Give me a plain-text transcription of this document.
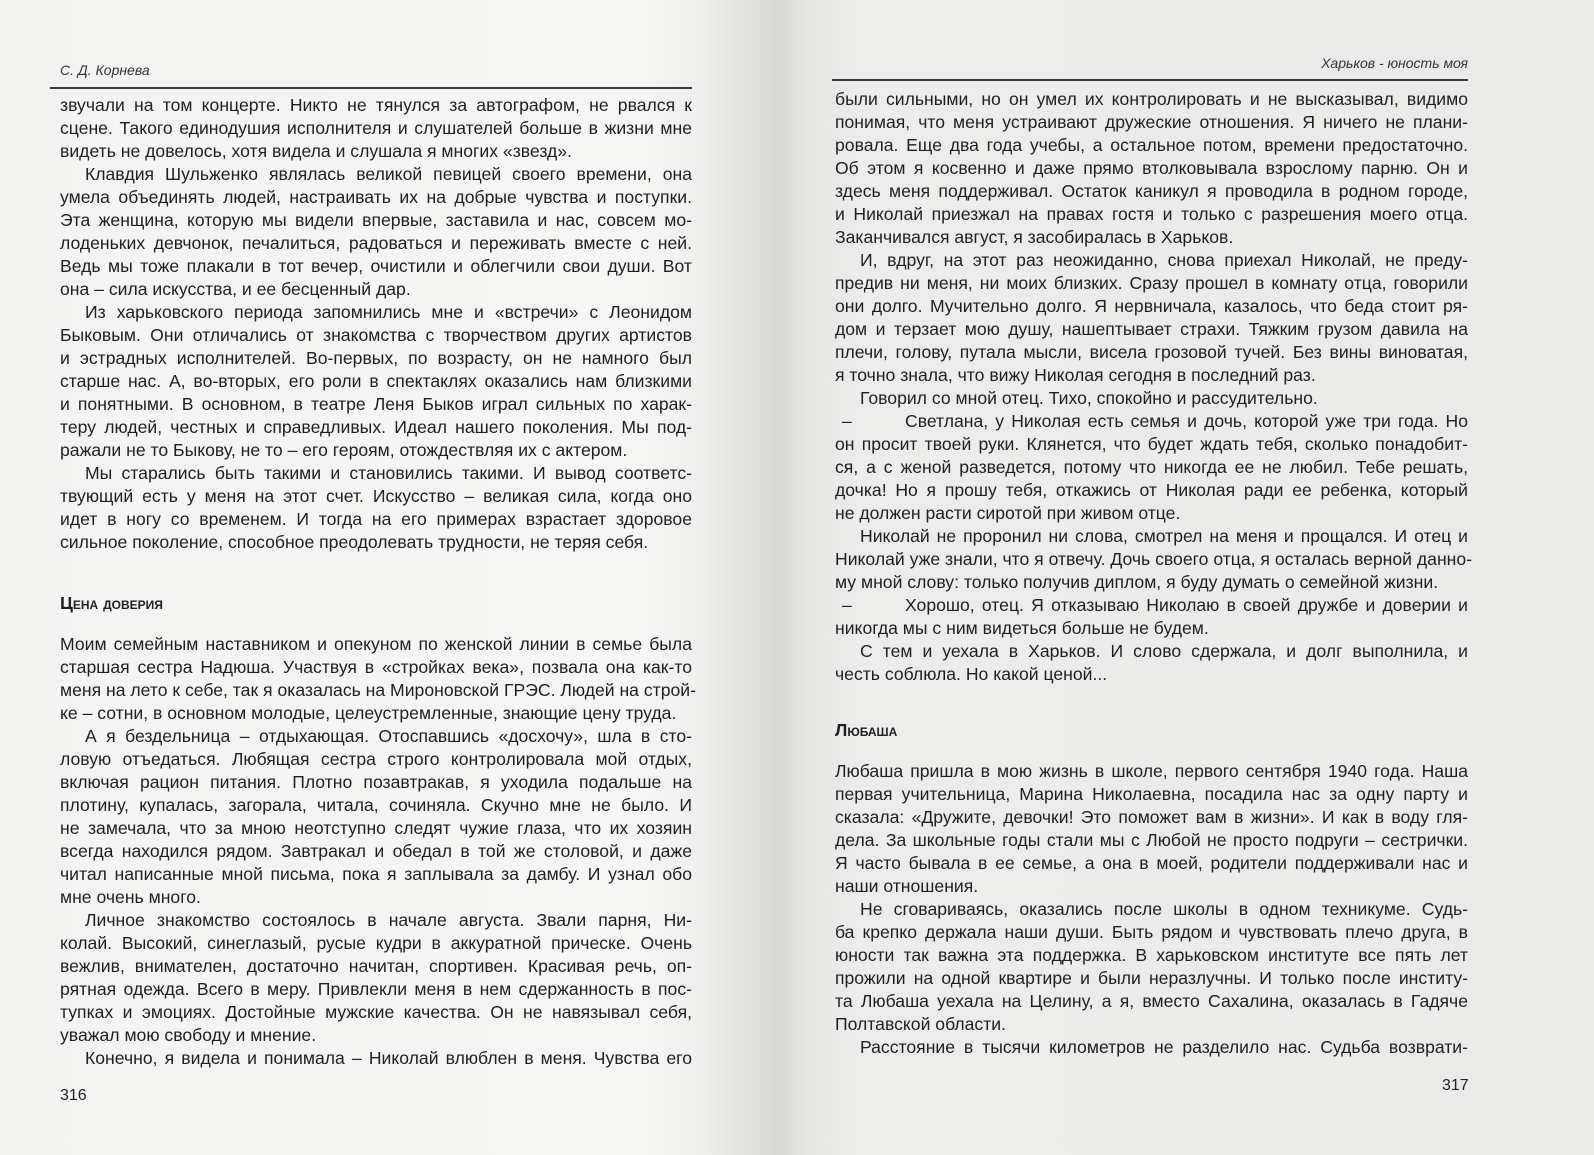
С. Д. Корнева
звучали на том концерте. Никто не тянулся за автографом, не рвался к
сцене. Такого единодушия исполнителя и слушателей больше в жизни мне
видеть не довелось, хотя видела и слушала я многих «звезд».
Клавдия Шульженко являлась великой певицей своего времени, она
умела объединять людей, настраивать их на добрые чувства и поступки.
Эта женщина, которую мы видели впервые, заставила и нас, совсем мо-
лоденьких девчонок, печалиться, радоваться и переживать вместе с ней.
Ведь мы тоже плакали в тот вечер, очистили и облегчили свои души. Вот
она – сила искусства, и ее бесценный дар.
Из харьковского периода запомнились мне и «встречи» с Леонидом
Быковым. Они отличались от знакомства с творчеством других артистов
и эстрадных исполнителей. Во-первых, по возрасту, он не намного был
старше нас. А, во-вторых, его роли в спектаклях оказались нам близкими
и понятными. В основном, в театре Леня Быков играл сильных по харак-
теру людей, честных и справедливых. Идеал нашего поколения. Мы под-
ражали не то Быкову, не то – его героям, отождествляя их с актером.
Мы старались быть такими и становились такими. И вывод соответс-
твующий есть у меня на этот счет. Искусство – великая сила, когда оно
идет в ногу со временем. И тогда на его примерах взрастает здоровое
сильное поколение, способное преодолевать трудности, не теряя себя.
Цена доверия
Моим семейным наставником и опекуном по женской линии в семье была
старшая сестра Надюша. Участвуя в «стройках века», позвала она как-то
меня на лето к себе, так я оказалась на Мироновской ГРЭС. Людей на строй-
ке – сотни, в основном молодые, целеустремленные, знающие цену труда.
А я бездельница – отдыхающая. Отоспавшись «досхочу», шла в сто-
ловую отъедаться. Любящая сестра строго контролировала мой отдых,
включая рацион питания. Плотно позавтракав, я уходила подальше на
плотину, купалась, загорала, читала, сочиняла. Скучно мне не было. И
не замечала, что за мною неотступно следят чужие глаза, что их хозяин
всегда находился рядом. Завтракал и обедал в той же столовой, и даже
читал написанные мной письма, пока я заплывала за дамбу. И узнал обо
мне очень много.
Личное знакомство состоялось в начале августа. Звали парня, Ни-
колай. Высокий, синеглазый, русые кудри в аккуратной прическе. Очень
вежлив, внимателен, достаточно начитан, спортивен. Красивая речь, оп-
рятная одежда. Всего в меру. Привлекли меня в нем сдержанность в пос-
тупках и эмоциях. Достойные мужские качества. Он не навязывал себя,
уважал мою свободу и мнение.
Конечно, я видела и понимала – Николай влюблен в меня. Чувства его
316
Харьков - юность моя
были сильными, но он умел их контролировать и не высказывал, видимо
понимая, что меня устраивают дружеские отношения. Я ничего не плани-
ровала. Еще два года учебы, а остальное потом, времени предостаточно.
Об этом я косвенно и даже прямо втолковывала взрослому парню. Он и
здесь меня поддерживал. Остаток каникул я проводила в родном городе,
и Николай приезжал на правах гостя и только с разрешения моего отца.
Заканчивался август, я засобиралась в Харьков.
И, вдруг, на этот раз неожиданно, снова приехал Николай, не преду-
предив ни меня, ни моих близких. Сразу прошел в комнату отца, говорили
они долго. Мучительно долго. Я нервничала, казалось, что беда стоит ря-
дом и терзает мою душу, нашептывает страхи. Тяжким грузом давила на
плечи, голову, путала мысли, висела грозовой тучей. Без вины виноватая,
я точно знала, что вижу Николая сегодня в последний раз.
Говорил со мной отец. Тихо, спокойно и рассудительно.
–	Светлана, у Николая есть семья и дочь, которой уже три года. Но
он просит твоей руки. Клянется, что будет ждать тебя, сколько понадобит-
ся, а с женой разведется, потому что никогда ее не любил. Тебе решать,
дочка! Но я прошу тебя, откажись от Николая ради ее ребенка, который
не должен расти сиротой при живом отце.
Николай не проронил ни слова, смотрел на меня и прощался. И отец и
Николай уже знали, что я отвечу. Дочь своего отца, я осталась верной данно-
му мной слову: только получив диплом, я буду думать о семейной жизни.
–	Хорошо, отец. Я отказываю Николаю в своей дружбе и доверии и
никогда мы с ним видеться больше не будем.
С тем и уехала в Харьков. И слово сдержала, и долг выполнила, и
честь соблюла. Но какой ценой...
Любаша
Любаша пришла в мою жизнь в школе, первого сентября 1940 года. Наша
первая учительница, Марина Николаевна, посадила нас за одну парту и
сказала: «Дружите, девочки! Это поможет вам в жизни». И как в воду гля-
дела. За школьные годы стали мы с Любой не просто подруги – сестрички.
Я часто бывала в ее семье, а она в моей, родители поддерживали нас и
наши отношения.
Не сговариваясь, оказались после школы в одном техникуме. Судь-
ба крепко держала наши души. Быть рядом и чувствовать плечо друга, в
юности так важна эта поддержка. В харьковском институте все пять лет
прожили на одной квартире и были неразлучны. И только после институ-
та Любаша уехала на Целину, а я, вместо Сахалина, оказалась в Гадяче
Полтавской области.
Расстояние в тысячи километров не разделило нас. Судьба возврати-
317
